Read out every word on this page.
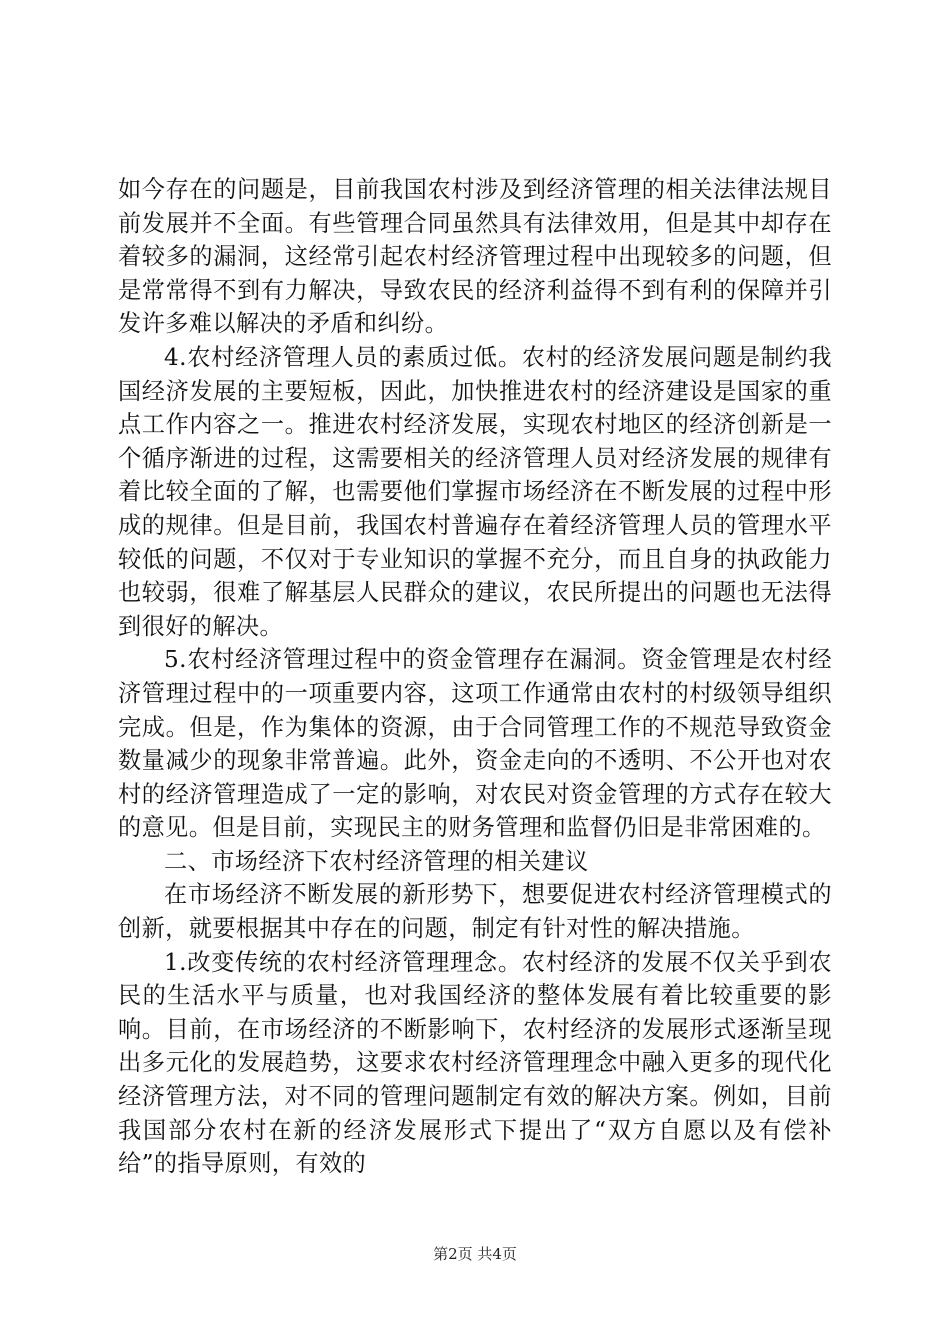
如今存在的问题是，目前我国农村涉及到经济管理的相关法律法规目前发展并不全面。有些管理合同虽然具有法律效用，但是其中却存在着较多的漏洞，这经常引起农村经济管理过程中出现较多的问题，但是常常得不到有力解决，导致农民的经济利益得不到有利的保障并引发许多难以解决的矛盾和纠纷。

4.农村经济管理人员的素质过低。农村的经济发展问题是制约我国经济发展的主要短板，因此，加快推进农村的经济建设是国家的重点工作内容之一。推进农村经济发展，实现农村地区的经济创新是一个循序渐进的过程，这需要相关的经济管理人员对经济发展的规律有着比较全面的了解，也需要他们掌握市场经济在不断发展的过程中形成的规律。但是目前，我国农村普遍存在着经济管理人员的管理水平较低的问题，不仅对于专业知识的掌握不充分，而且自身的执政能力也较弱，很难了解基层人民群众的建议，农民所提出的问题也无法得到很好的解决。

5.农村经济管理过程中的资金管理存在漏洞。资金管理是农村经济管理过程中的一项重要内容，这项工作通常由农村的村级领导组织完成。但是，作为集体的资源，由于合同管理工作的不规范导致资金数量减少的现象非常普遍。此外，资金走向的不透明、不公开也对农村的经济管理造成了一定的影响，对农民对资金管理的方式存在较大的意见。但是目前，实现民主的财务管理和监督仍旧是非常困难的。

二、市场经济下农村经济管理的相关建议

在市场经济不断发展的新形势下，想要促进农村经济管理模式的创新，就要根据其中存在的问题，制定有针对性的解决措施。

1.改变传统的农村经济管理理念。农村经济的发展不仅关乎到农民的生活水平与质量，也对我国经济的整体发展有着比较重要的影响。目前，在市场经济的不断影响下，农村经济的发展形式逐渐呈现出多元化的发展趋势，这要求农村经济管理理念中融入更多的现代化经济管理方法，对不同的管理问题制定有效的解决方案。例如，目前我国部分农村在新的经济发展形式下提出了“双方自愿以及有偿补给”的指导原则，有效的

第2页 共4页
